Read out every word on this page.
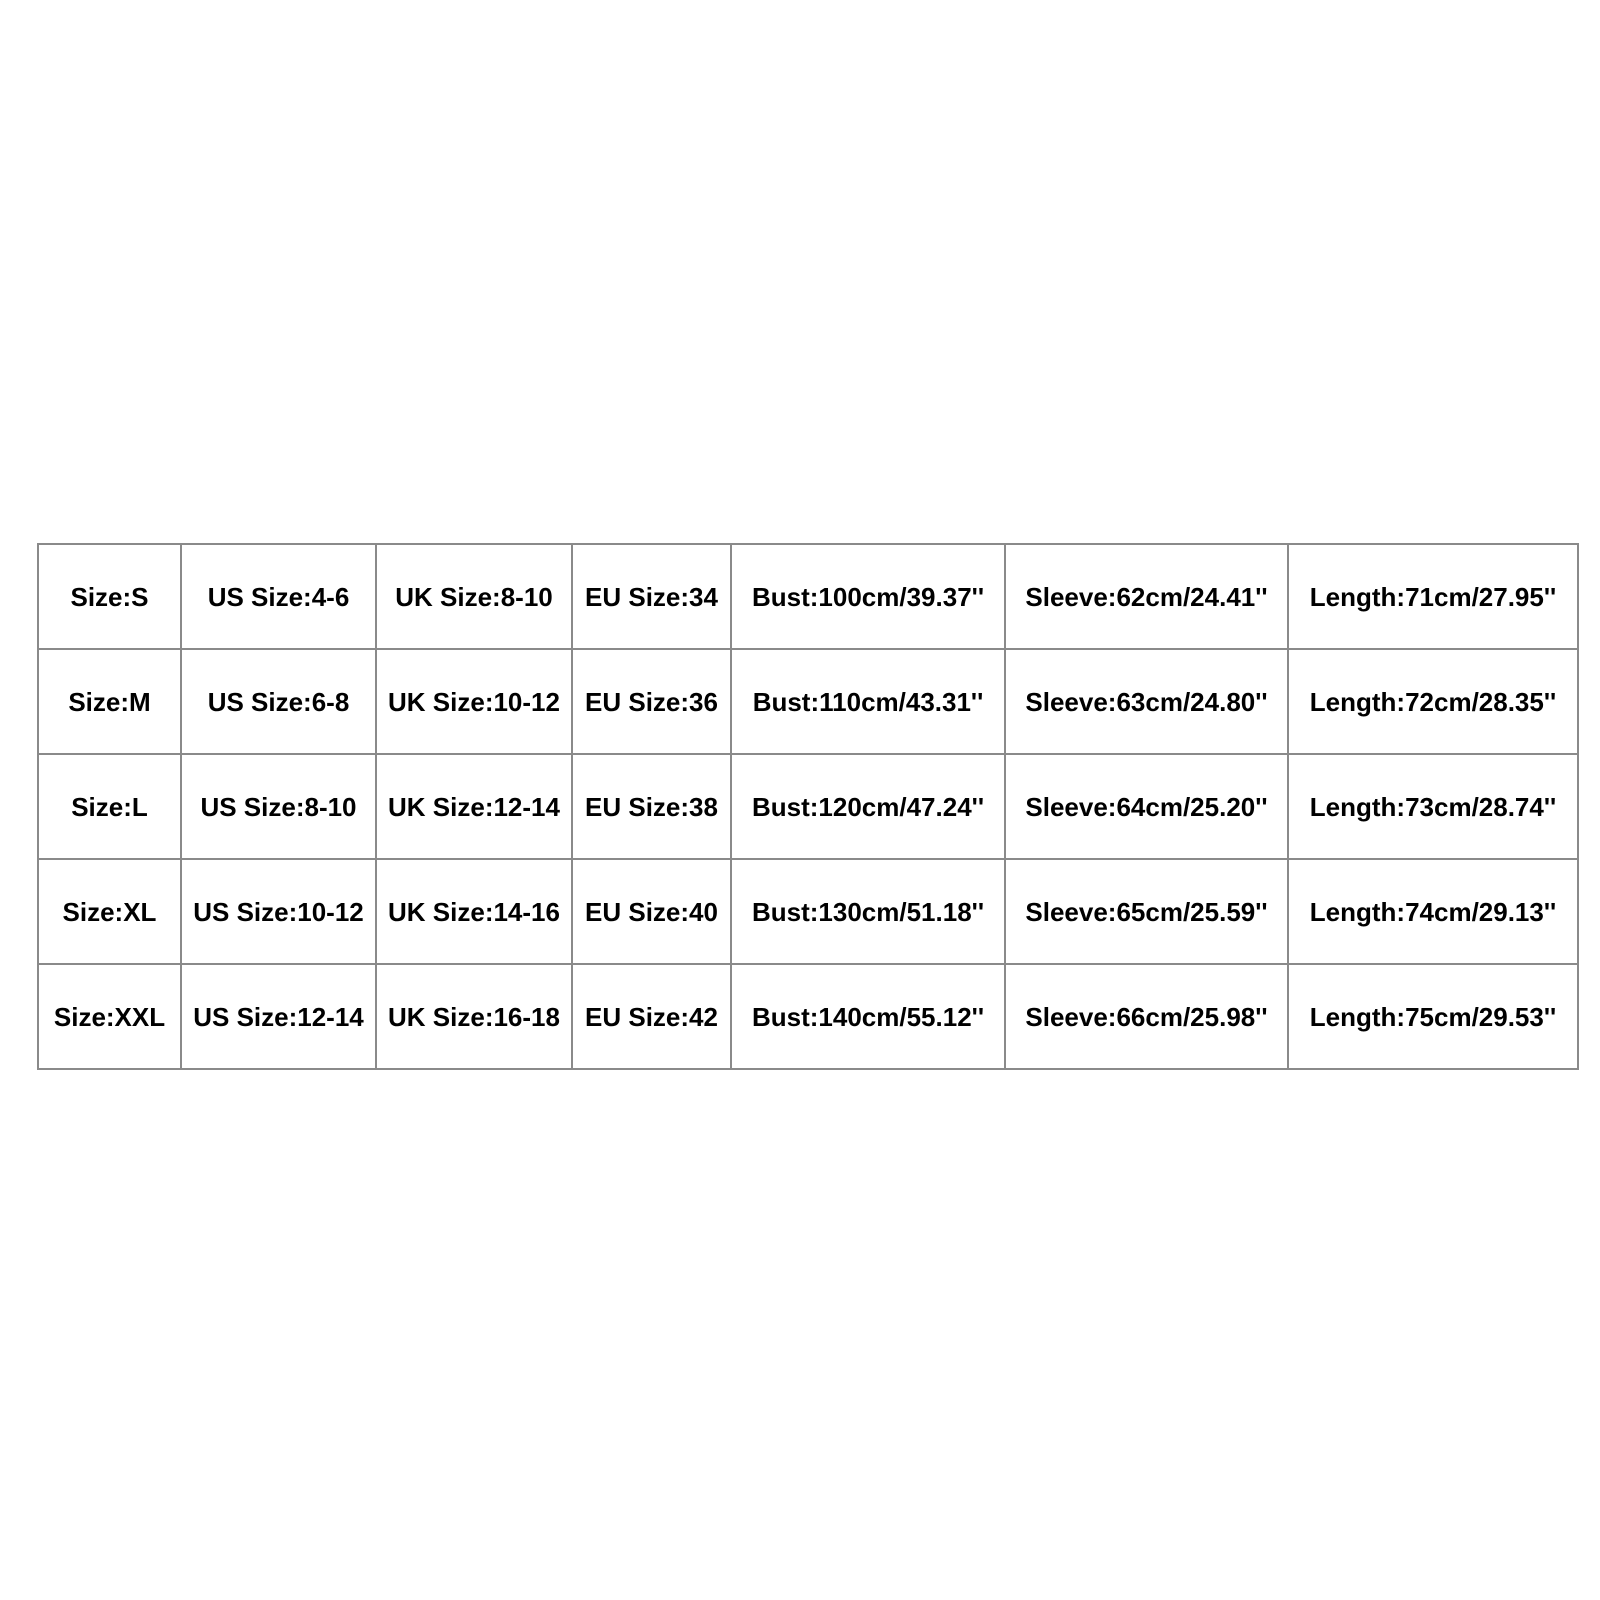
Size:S	US Size:4-6	UK Size:8-10	EU Size:34	Bust:100cm/39.37''	Sleeve:62cm/24.41''	Length:71cm/27.95''
Size:M	US Size:6-8	UK Size:10-12	EU Size:36	Bust:110cm/43.31''	Sleeve:63cm/24.80''	Length:72cm/28.35''
Size:L	US Size:8-10	UK Size:12-14	EU Size:38	Bust:120cm/47.24''	Sleeve:64cm/25.20''	Length:73cm/28.74''
Size:XL	US Size:10-12	UK Size:14-16	EU Size:40	Bust:130cm/51.18''	Sleeve:65cm/25.59''	Length:74cm/29.13''
Size:XXL	US Size:12-14	UK Size:16-18	EU Size:42	Bust:140cm/55.12''	Sleeve:66cm/25.98''	Length:75cm/29.53''
